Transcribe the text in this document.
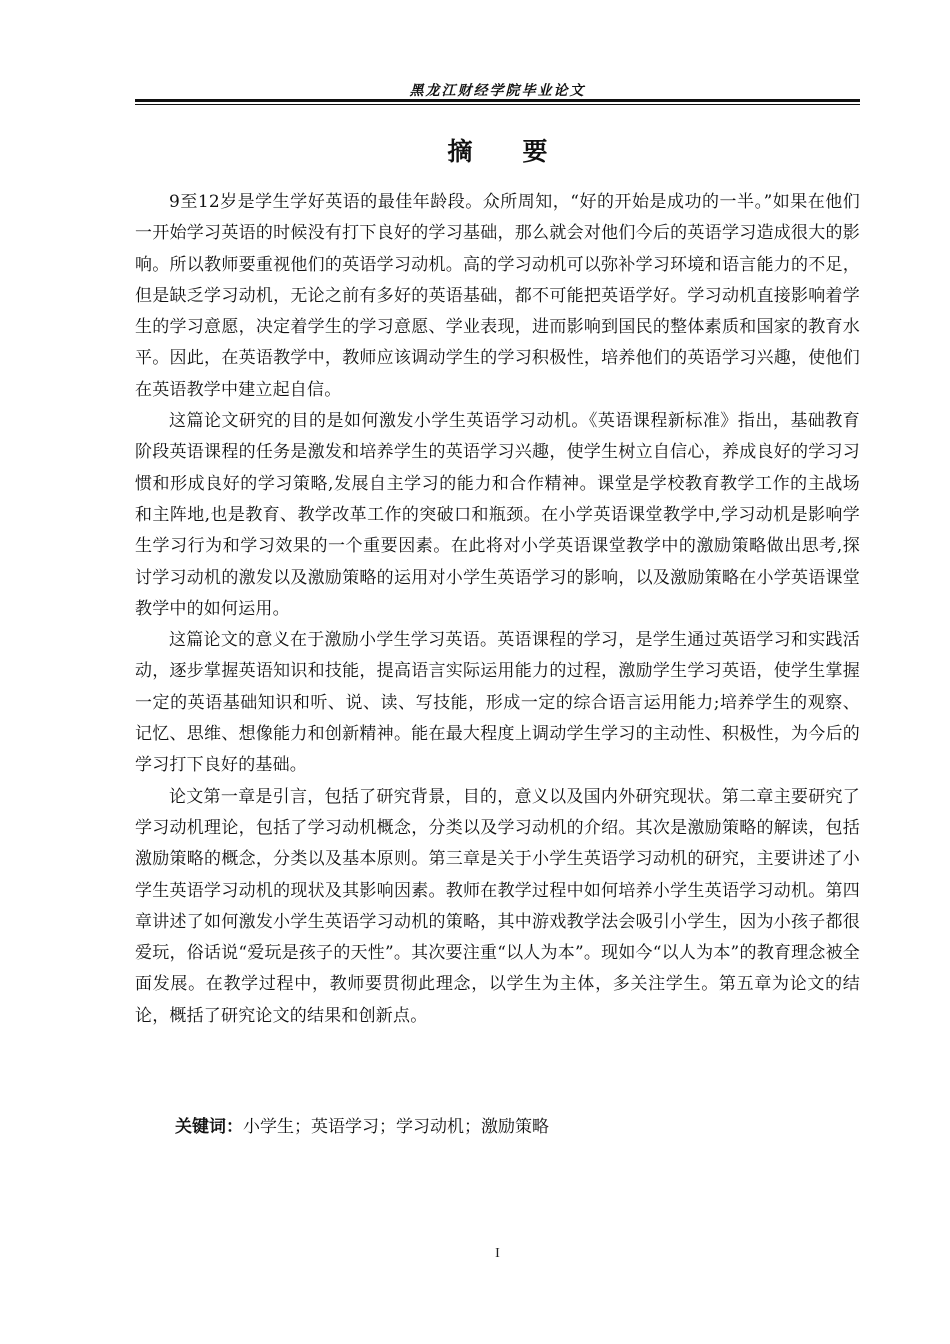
黑龙江财经学院毕业论文
摘要

9至12岁是学生学好英语的最佳年龄段。众所周知，“好的开始是成功的一半。”如果在他们一开始学习英语的时候没有打下良好的学习基础，那么就会对他们今后的英语学习造成很大的影响。所以教师要重视他们的英语学习动机。高的学习动机可以弥补学习环境和语言能力的不足，但是缺乏学习动机，无论之前有多好的英语基础，都不可能把英语学好。学习动机直接影响着学生的学习意愿，决定着学生的学习意愿、学业表现，进而影响到国民的整体素质和国家的教育水平。因此，在英语教学中，教师应该调动学生的学习积极性，培养他们的英语学习兴趣，使他们在英语教学中建立起自信。

这篇论文研究的目的是如何激发小学生英语学习动机。《英语课程新标准》指出，基础教育阶段英语课程的任务是激发和培养学生的英语学习兴趣，使学生树立自信心，养成良好的学习习惯和形成良好的学习策略,发展自主学习的能力和合作精神。课堂是学校教育教学工作的主战场和主阵地,也是教育、教学改革工作的突破口和瓶颈。在小学英语课堂教学中,学习动机是影响学生学习行为和学习效果的一个重要因素。在此将对小学英语课堂教学中的激励策略做出思考,探讨学习动机的激发以及激励策略的运用对小学生英语学习的影响，以及激励策略在小学英语课堂教学中的如何运用。

这篇论文的意义在于激励小学生学习英语。英语课程的学习，是学生通过英语学习和实践活动，逐步掌握英语知识和技能，提高语言实际运用能力的过程，激励学生学习英语，使学生掌握一定的英语基础知识和听、说、读、写技能，形成一定的综合语言运用能力;培养学生的观察、记忆、思维、想像能力和创新精神。能在最大程度上调动学生学习的主动性、积极性，为今后的学习打下良好的基础。

论文第一章是引言，包括了研究背景，目的，意义以及国内外研究现状。第二章主要研究了学习动机理论，包括了学习动机概念，分类以及学习动机的介绍。其次是激励策略的解读，包括激励策略的概念，分类以及基本原则。第三章是关于小学生英语学习动机的研究，主要讲述了小学生英语学习动机的现状及其影响因素。教师在教学过程中如何培养小学生英语学习动机。第四章讲述了如何激发小学生英语学习动机的策略，其中游戏教学法会吸引小学生，因为小孩子都很爱玩，俗话说“爱玩是孩子的天性”。其次要注重“以人为本”。现如今“以人为本”的教育理念被全面发展。在教学过程中，教师要贯彻此理念，以学生为主体，多关注学生。第五章为论文的结论，概括了研究论文的结果和创新点。

关键词：小学生；英语学习；学习动机；激励策略
I
